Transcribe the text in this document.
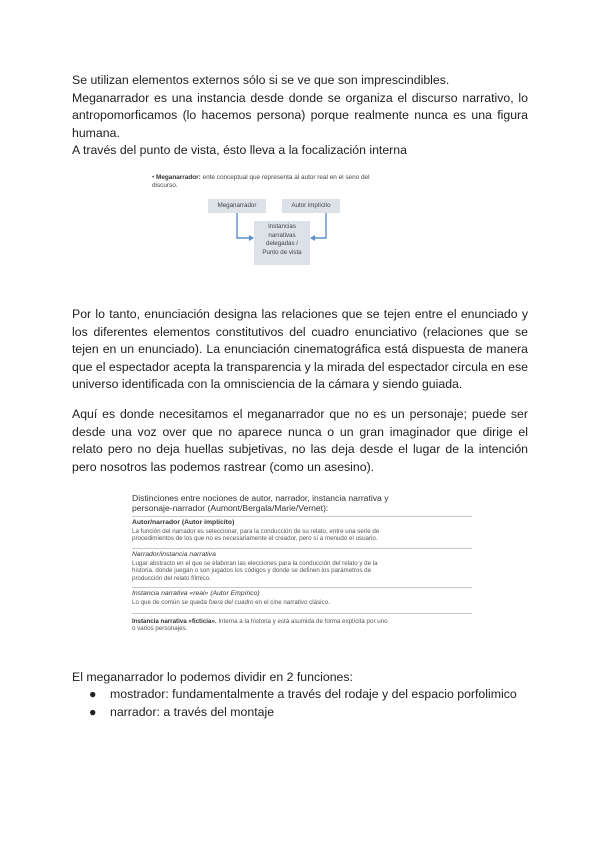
Se utilizan elementos externos sólo si se ve que son imprescindibles.

Meganarrador es una instancia desde donde se organiza el discurso narrativo, lo antropomorficamos (lo hacemos persona) porque realmente nunca es una figura humana.

A través del punto de vista, ésto lleva a la focalización interna

• Meganarrador: ente conceptual que representa al autor real en el seno del discurso.
Meganarrador	Autor implícito
Instancias
narrativas
delegadas /
Punto de vista

Por lo tanto, enunciación designa las relaciones que se tejen entre el enunciado y los diferentes elementos constitutivos del cuadro enunciativo (relaciones que se tejen en un enunciado). La enunciación cinematográfica está dispuesta de manera que el espectador acepta la transparencia y la mirada del espectador circula en ese universo identificada con la omnisciencia de la cámara y siendo guiada.

Aquí es donde necesitamos el meganarrador que no es un personaje; puede ser desde una voz over que no aparece nunca o un gran imaginador que dirige el relato pero no deja huellas subjetivas, no las deja desde el lugar de la intención pero nosotros las podemos rastrear (como un asesino).

Distinciones entre nociones de autor, narrador, instancia narrativa y
personaje-narrador (Aumont/Bergala/Marie/Vernet):
Autor/narrador (Autor implícito)
La función del narrador es seleccionar, para la conducción de su relato, entre una serie de
procedimientos de los que no es necesariamente el creador, pero sí a menudo el usuario.
Narrador/instancia narrativa
Lugar abstracto en el que se elaboran las elecciones para la conducción del relato y de la
historia, donde juegan o son jugados los códigos y donde se definen los parámetros de
producción del relato fílmico.
Instancia narrativa «real» (Autor Empírico)
Lo que de común se queda fuera del cuadro en el cine narrativo clásico.
Instancia narrativa «ficticia». Interna a la historia y está asumida de forma explícita por uno
o varios personajes.

El meganarrador lo podemos dividir en 2 funciones:

● mostrador: fundamentalmente a través del rodaje y del espacio porfolimico
● narrador: a través del montaje
